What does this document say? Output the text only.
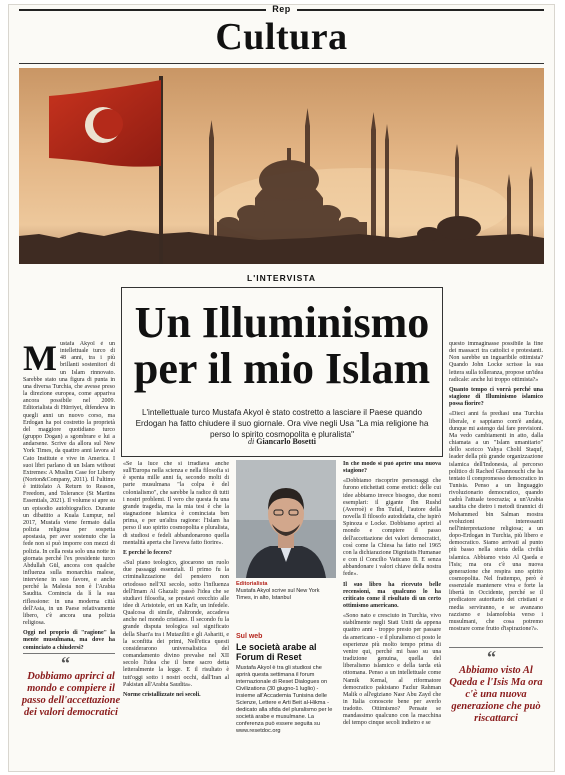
Rep
Cultura
L'INTERVISTA
Un Illuminismo
per il mio Islam
L'intellettuale turco Mustafa Akyol è stato costretto a lasciare il Paese quando Erdogan ha fatto chiudere il suo giornale. Ora vive negli Usa "La mia religione ha perso lo spirito cosmopolita e pluralista"
di Giancarlo Bosetti
M ustafa Akyol è un intellettuale turco di 48 anni, tra i più brillanti sostenitori di un Islam rinnovato. Sarebbe stato una figura di punta in una diversa Turchia, che avesse preso la direzione europea, come appariva ancora possibile nel 2009. Editorialista di Hürriyet, difendeva in quegli anni un nuovo corso, ma Erdogan ha poi costretto la proprietà del maggiore quotidiano turco (gruppo Dogan) a sgombrare e lui a andarsene. Scrive da allora sul New York Times, da quattro anni lavora al Cato Institute e vive in America. I suoi libri parlano di un Islam without Extremes: A Muslim Case for Liberty (Norton&Company, 2011). Il l'ultimo è intitolato A Return to Reason, Freedom, and Tolerance (St Martins Essentials, 2021). Il volume si apre su un episodio autobiografico. Durante un dibattito a Kuala Lumpur, nel 2017, Mustafa viene fermato dalla polizia religiosa per sospetta apostasia, per aver sostenuto che la fede non si può imporre con mezzi di polizia. In cella resta solo una notte in giornata perché l'ex presidente turco Abdullah Gül, ancora con qualche influenza sulla monarchia malese, interviene in suo favore, e anche perché la Malesia non è l'Arabia Saudita. Comincia da lì la sua riflessione: in una moderna città dell'Asia, in un Paese relativamente libero, c'è ancora una polizia religiosa.

Oggi nel proprio di "ragione" la mente musulmana, ma dove ha cominciato a chiudersi?

“
Dobbiamo aprirci al mondo e compiere il passo dell'accettazione dei valori democratici

«Se la luce che si irradiava anche sull'Europa nella scienza e nella filosofia si è spenta mille anni fa, secondo molti di parte musulmana "la colpa è del colonialismo", che sarebbe la radice di tutti i nostri problemi. Il vero che questa fu una grande tragedia, ma la mia tesi è che la stagnazione islamica è cominciata ben prima, e per un'altra ragione: l'Islam ha perso il suo spirito cosmopolita e pluralista, di studiosi e fedeli abbandonarono quella mentalità aperta che l'aveva fatto fiorire».

E perché lo fecero?

«Sul piano teologico, giocarono un ruolo due passaggi essenziali. Il primo fu la criminalizzazione del pensiero non ortodosso nell'XI secolo, sotto l'influenza dell'Imam Al Ghazali: passò l'idea che se studiavi filosofia, se prestavi orecchio alle idee di Aristotele, eri un Kafir, un infedele. Qualcosa di simile, d'altronde, accadeva anche nel mondo cristiano. Il secondo fu la grande disputa teologica sul significato della Shari'a tra i Mutaziliti e gli Ashariti, e la sconfitta dei primi, Nell'etica questi considerarono universalistica del comandamento divino prevalse nel XII secolo l'idea che il bene sacro detta letteralmente la legge. E il risultato è tutt'oggi sotto i nostri occhi, dall'Iran al Pakistan all'Arabia Saudita».

Norme cristallizzate nei secoli.

Editorialista
Mustafa Akyol scrive sul New York Times, in alto, Istanbul
Sul web
Le società arabe al Forum di Reset
Mustafa Akyol è tra gli studiosi che aprirà questa settimana il forum internazionale di Reset Dialogues on Civilizations (30 giugno-1 luglio) - insieme all'Accademia Tunisina delle Scienze, Lettere e Arti Beit al-Hikma - dedicato alla sfida del pluralismo per le società arabe e musulmane. La conferenza può essere seguita su www.resetdoc.org

In che modo si può aprire una nuova stagione?

«Dobbiamo riscoprire personaggi che furono etichettati come eretici: delle cui idee abbiamo invece bisogno, due nomi esemplari: il gigante Ibn Rushd (Averroè) e Ibn Tufail, l'autore della novella Il filosofo autodidatta, che ispirò Spinoza e Locke. Dobbiamo aprirci al mondo e compiere il passo dell'accettazione dei valori democratici, così come la Chiesa ha fatto nel 1965 con la dichiarazione Dignitatis Humanae e con il Concilio Vaticano II. E senza abbandonare i valori chiave della nostra fede».

Il suo libro ha ricevuto belle recensioni, ma qualcuno lo ha criticato come il risultato di un certo ottimismo americano.

«Sono nato e cresciuto in Turchia, vivo stabilmente negli Stati Uniti da appena quattro anni - troppo presto per passare da americano - e il pluralismo ci posto le esperienze più molto tempo prima di venire qui, perché mi baso su una tradizione genuina, quella del liberalismo islamico e della tarda età ottomana. Penso a un intellettuale come Namik Kemal, al riformatore democratico pakistano Fazlur Rahman Malik o all'egiziano Nasr Abu Zayd che in Italia conoscete bene per averlo tradotto. Ottimismo? Pensate se mandassimo qualcuno con la macchina del tempo cinque secoli indietro e se

questo immaginasse possibile la fine dei massacri tra cattolici e protestanti. Non sarebbe un inguaribile ottimista? Quando John Locke scrisse la sua lettera sulla tolleranza, propose un'idea radicale: anche lui troppo ottimista?»

Quanto tempo ci vorrà perché una stagione di Illuminismo islamico possa fiorire?

«Dieci anni fa prediasi una Turchia liberale, e sappiamo com'è andata, dunque mi astengo dal fare previsioni. Ma vedo cambiamenti in atto, dalla chiamata a un "Islam umanitario" dello sceicco Yahya Cholil Staquf, leader della più grande organizzazione islamica dell'Indonesia, al percorso politico di Rached Ghannouchi che ha tentato il compromesso democratico in Tunisia. Penso a un linguaggio rivoluzionario democratico, quando cadrà l'attuale teocrazia; a un'Arabia saudita che dietro i metodi tirannici di Mohammed bin Salman mostra evoluzioni interessanti nell'interpretazione religiosa; a un dopo-Erdogan in Turchia, più libero e democratico. Siamo arrivati al punto più basso nella storia della civiltà islamica. Abbiamo visto Al Qaeda e l'Isis; ma ora c'è una nuova generazione che respira uno spirito cosmopolita. Nel frattempo, però è essenziale mantenere viva e forte la libertà in Occidente, perché se il predicatore autoritario dei cristiani e media serviranno, e se avanzano razzismo e islamofobia verso i musulmani, che cosa potremo mostrare come frutto d'ispirazione?».

“
Abbiamo visto Al Qaeda e l'Isis Ma ora c'è una nuova generazione che può riscattarci
